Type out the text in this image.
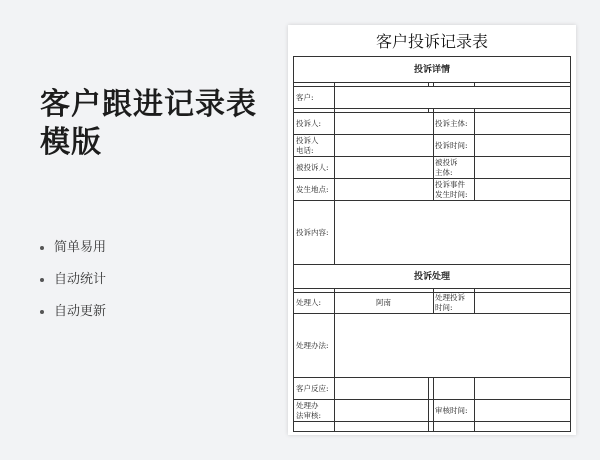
客户跟进记录表模版
简单易用
自动统计
自动更新
客户投诉记录表
投诉详情
客户:
投诉人:	投诉主体:
投诉人电话:
投诉时间:
被投诉人:
被投诉主体:
发生地点:
投诉事件发生时间:
投诉内容:
投诉处理
处理人:	阿南
处理投诉时间:
处理办法:
客户反应:
处理办法审核:
审核时间:
